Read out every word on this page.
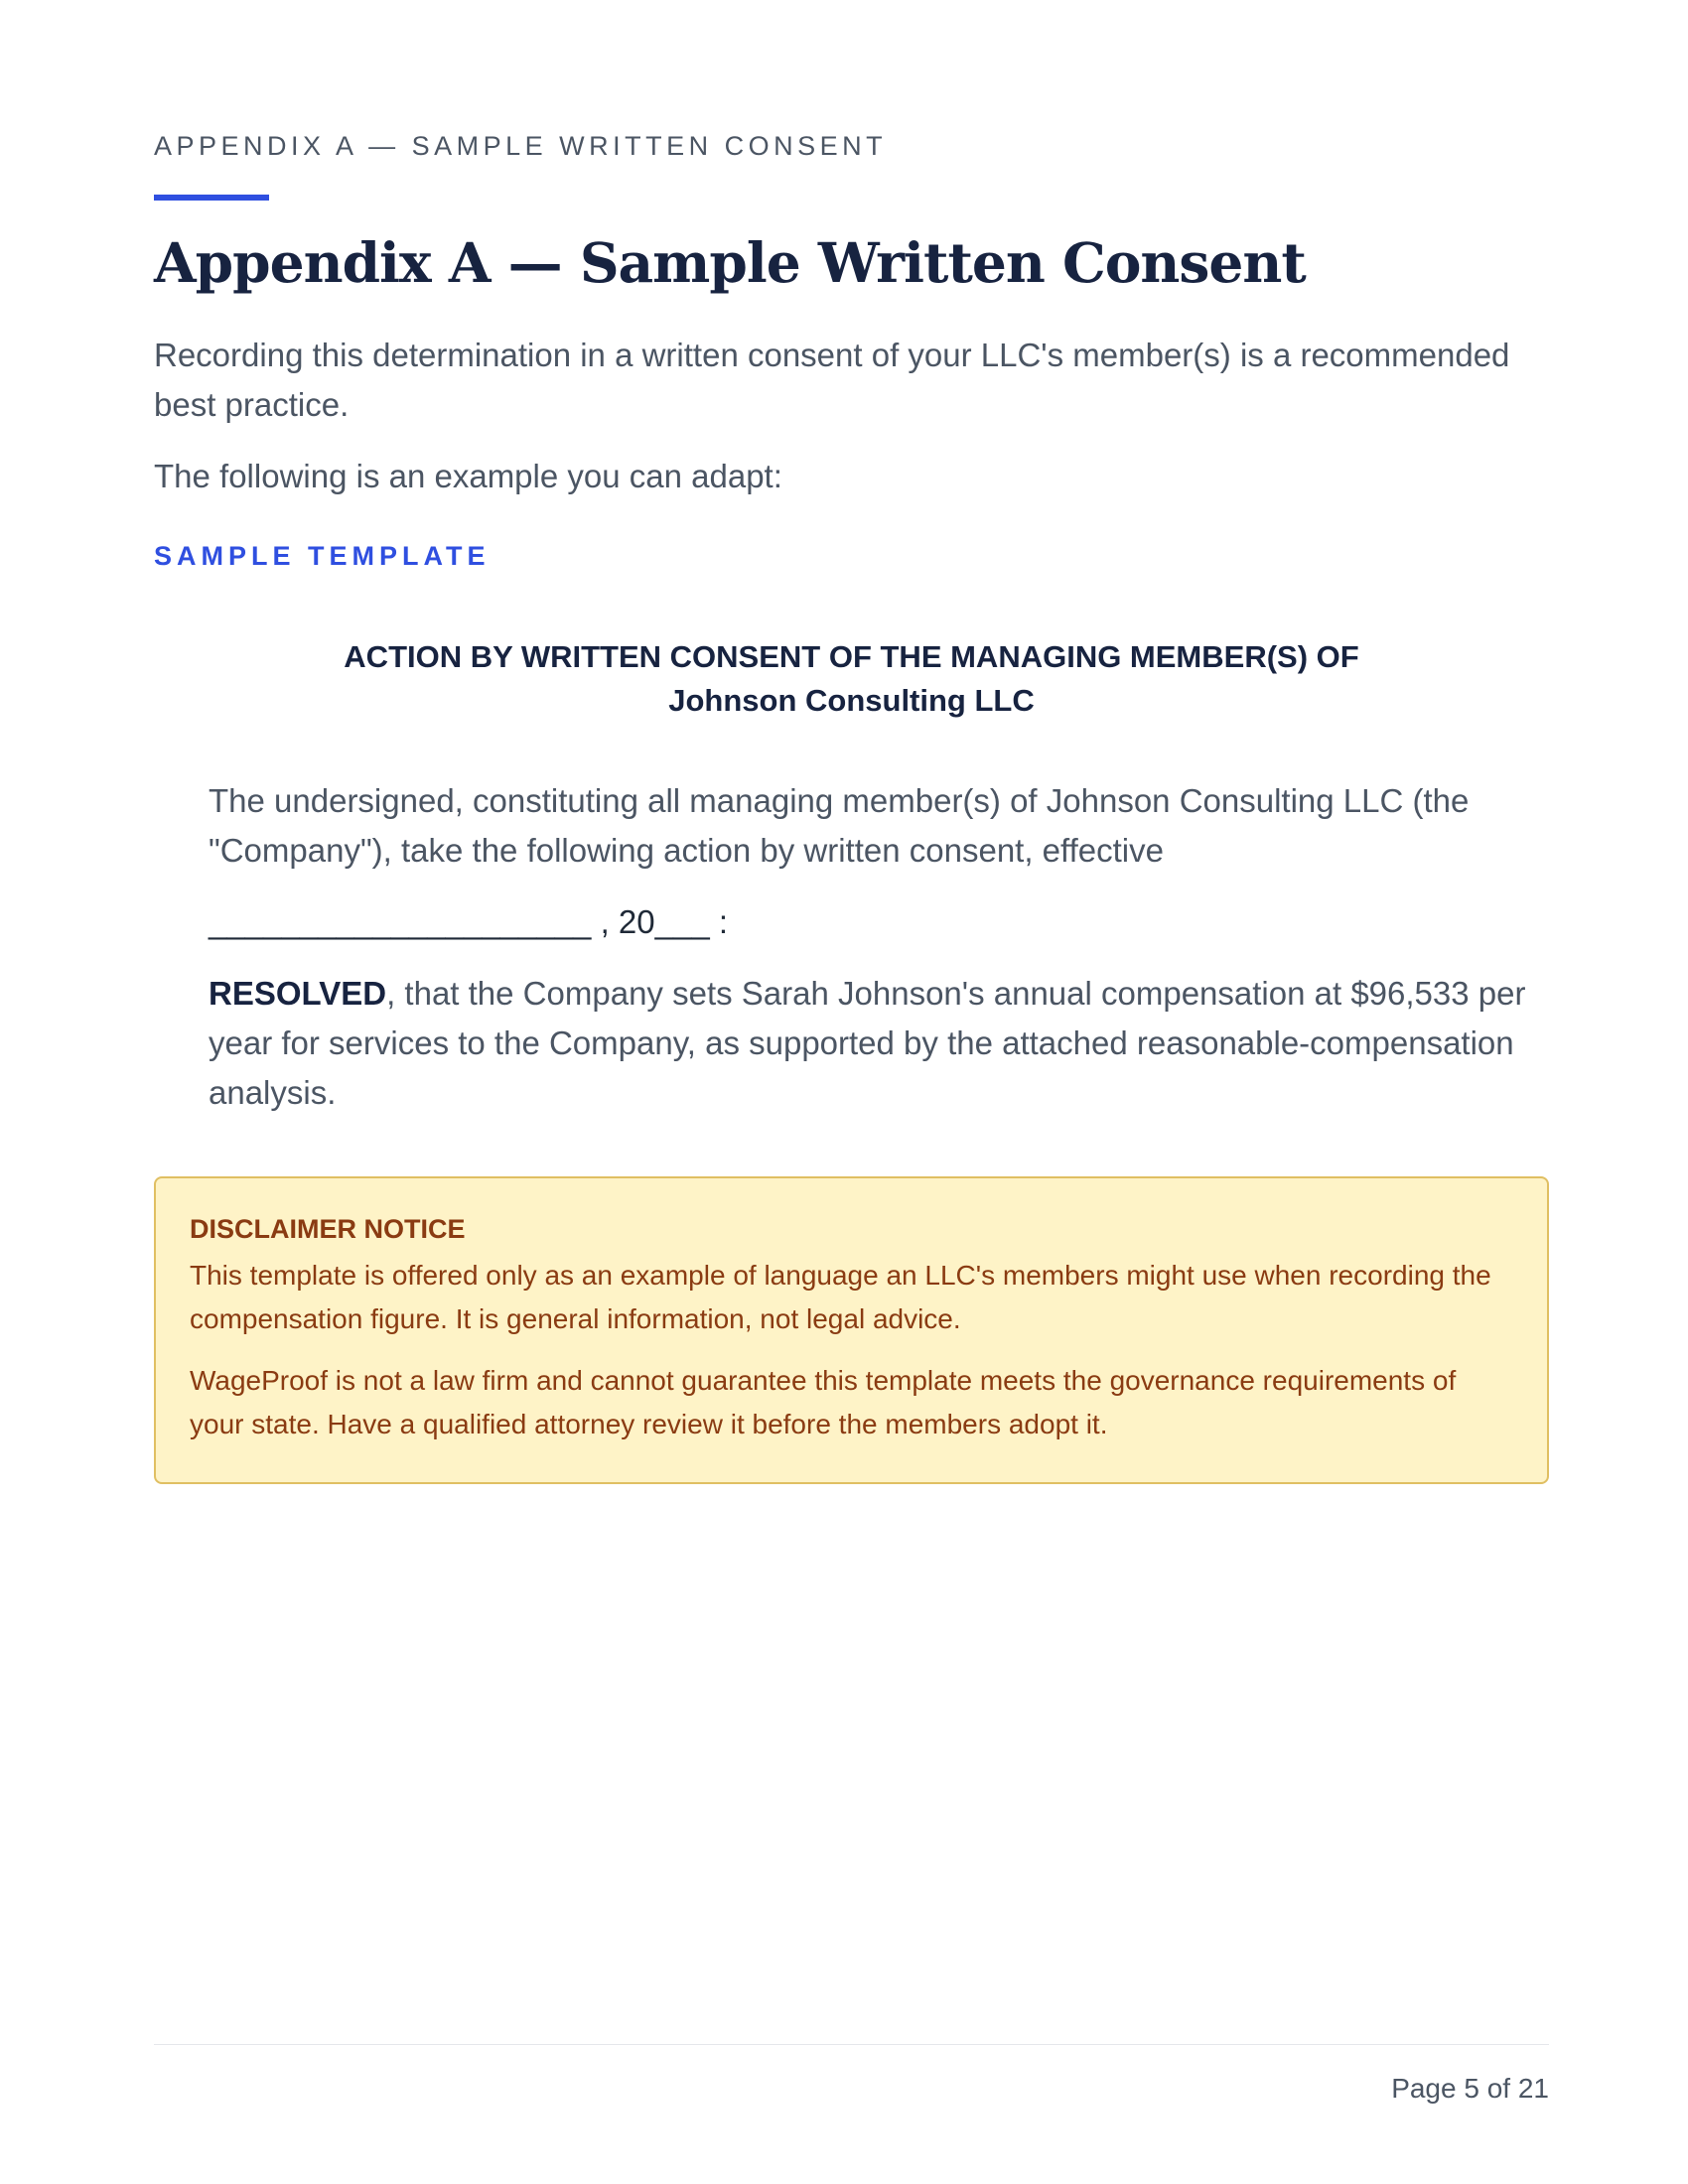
APPENDIX A — SAMPLE WRITTEN CONSENT
Appendix A — Sample Written Consent

Recording this determination in a written consent of your LLC's member(s) is a recommended best practice.

The following is an example you can adapt:

SAMPLE TEMPLATE
ACTION BY WRITTEN CONSENT OF THE MANAGING MEMBER(S) OF
Johnson Consulting LLC

The undersigned, constituting all managing member(s) of Johnson Consulting LLC (the "Company"), take the following action by written consent, effective

_____________________ , 20___ :

RESOLVED, that the Company sets Sarah Johnson's annual compensation at $96,533 per year for services to the Company, as supported by the attached reasonable-compensation analysis.

DISCLAIMER NOTICE

This template is offered only as an example of language an LLC's members might use when recording the compensation figure. It is general information, not legal advice.

WageProof is not a law firm and cannot guarantee this template meets the governance requirements of your state. Have a qualified attorney review it before the members adopt it.

Page 5 of 21
